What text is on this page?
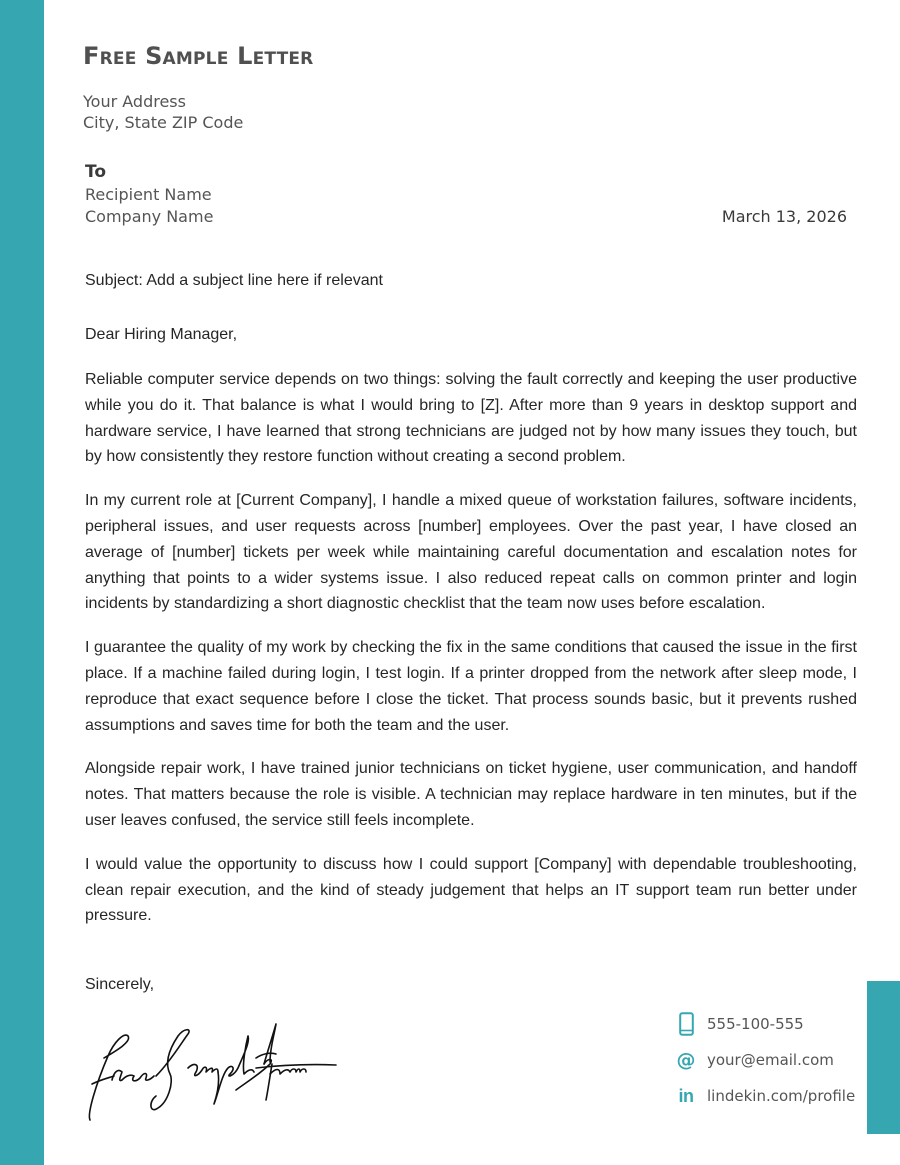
Free Sample Letter
Your Address
City, State ZIP Code
To
Recipient Name
Company Name	March 13, 2026
Subject: Add a subject line here if relevant
Dear Hiring Manager,

Reliable computer service depends on two things: solving the fault correctly and keeping the user productive while you do it. That balance is what I would bring to [Z]. After more than 9 years in desktop support and hardware service, I have learned that strong technicians are judged not by how many issues they touch, but by how consistently they restore function without creating a second problem.

In my current role at [Current Company], I handle a mixed queue of workstation failures, software incidents, peripheral issues, and user requests across [number] employees. Over the past year, I have closed an average of [number] tickets per week while maintaining careful documentation and escalation notes for anything that points to a wider systems issue. I also reduced repeat calls on common printer and login incidents by standardizing a short diagnostic checklist that the team now uses before escalation.

I guarantee the quality of my work by checking the fix in the same conditions that caused the issue in the first place. If a machine failed during login, I test login. If a printer dropped from the network after sleep mode, I reproduce that exact sequence before I close the ticket. That process sounds basic, but it prevents rushed assumptions and saves time for both the team and the user.

Alongside repair work, I have trained junior technicians on ticket hygiene, user communication, and handoff notes. That matters because the role is visible. A technician may replace hardware in ten minutes, but if the user leaves confused, the service still feels incomplete.

I would value the opportunity to discuss how I could support [Company] with dependable troubleshooting, clean repair execution, and the kind of steady judgement that helps an IT support team run better under pressure.

Sincerely,
555-100-555
@ your@email.com
in lindekin.com/profile
